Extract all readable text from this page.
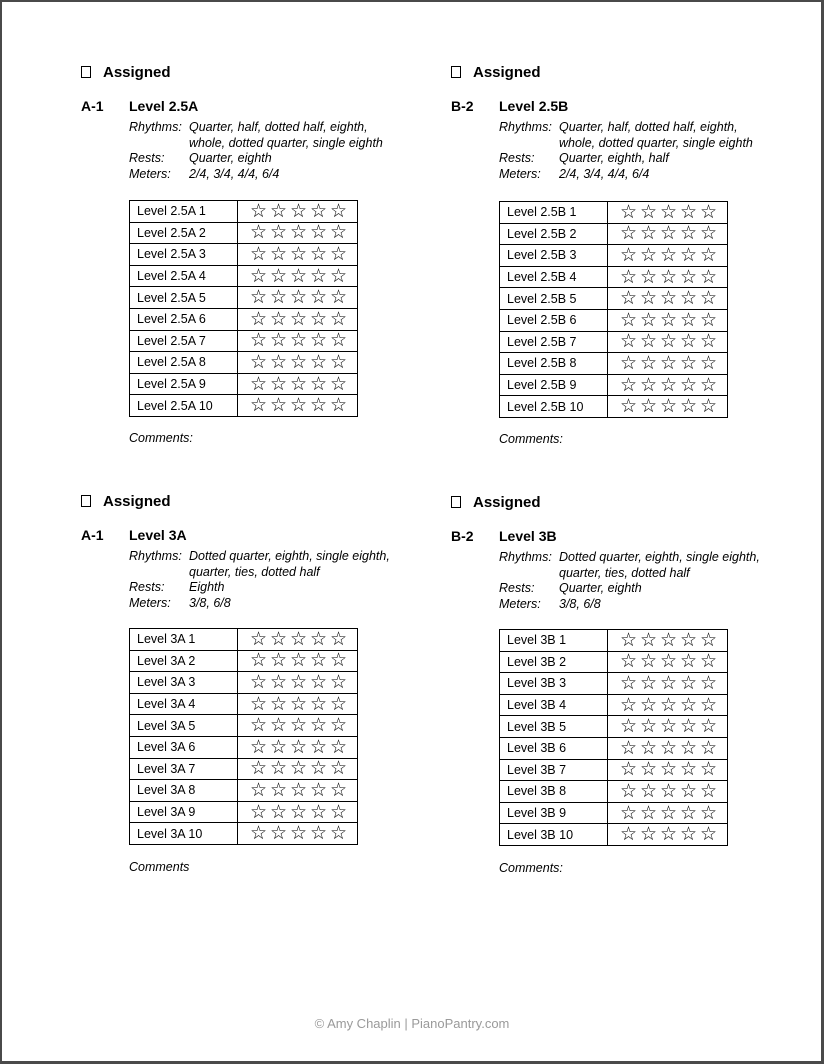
Assigned
A-1	Level 2.5A
Rhythms: Quarter, half, dotted half, eighth, whole, dotted quarter, single eighth
Rests:	Quarter, eighth
Meters:	2/4, 3/4, 4/4, 6/4
Level 2.5A 1	☆ ☆ ☆ ☆ ☆
Level 2.5A 2	☆ ☆ ☆ ☆ ☆
Level 2.5A 3	☆ ☆ ☆ ☆ ☆
Level 2.5A 4	☆ ☆ ☆ ☆ ☆
Level 2.5A 5	☆ ☆ ☆ ☆ ☆
Level 2.5A 6	☆ ☆ ☆ ☆ ☆
Level 2.5A 7	☆ ☆ ☆ ☆ ☆
Level 2.5A 8	☆ ☆ ☆ ☆ ☆
Level 2.5A 9	☆ ☆ ☆ ☆ ☆
Level 2.5A 10	☆ ☆ ☆ ☆ ☆
Comments:
Assigned
B-2	Level 2.5B
Rhythms: Quarter, half, dotted half, eighth, whole, dotted quarter, single eighth
Rests:	Quarter, eighth, half
Meters:	2/4, 3/4, 4/4, 6/4
Level 2.5B 1	☆ ☆ ☆ ☆ ☆
Level 2.5B 2	☆ ☆ ☆ ☆ ☆
Level 2.5B 3	☆ ☆ ☆ ☆ ☆
Level 2.5B 4	☆ ☆ ☆ ☆ ☆
Level 2.5B 5	☆ ☆ ☆ ☆ ☆
Level 2.5B 6	☆ ☆ ☆ ☆ ☆
Level 2.5B 7	☆ ☆ ☆ ☆ ☆
Level 2.5B 8	☆ ☆ ☆ ☆ ☆
Level 2.5B 9	☆ ☆ ☆ ☆ ☆
Level 2.5B 10	☆ ☆ ☆ ☆ ☆
Comments:
Assigned
A-1	Level 3A
Rhythms: Dotted quarter, eighth, single eighth, quarter, ties, dotted half
Rests:	Eighth
Meters:	3/8, 6/8
Level 3A 1	☆ ☆ ☆ ☆ ☆
Level 3A 2	☆ ☆ ☆ ☆ ☆
Level 3A 3	☆ ☆ ☆ ☆ ☆
Level 3A 4	☆ ☆ ☆ ☆ ☆
Level 3A 5	☆ ☆ ☆ ☆ ☆
Level 3A 6	☆ ☆ ☆ ☆ ☆
Level 3A 7	☆ ☆ ☆ ☆ ☆
Level 3A 8	☆ ☆ ☆ ☆ ☆
Level 3A 9	☆ ☆ ☆ ☆ ☆
Level 3A 10	☆ ☆ ☆ ☆ ☆
Comments
Assigned
B-2	Level 3B
Rhythms: Dotted quarter, eighth, single eighth, quarter, ties, dotted half
Rests:	Quarter, eighth
Meters:	3/8, 6/8
Level 3B 1	☆ ☆ ☆ ☆ ☆
Level 3B 2	☆ ☆ ☆ ☆ ☆
Level 3B 3	☆ ☆ ☆ ☆ ☆
Level 3B 4	☆ ☆ ☆ ☆ ☆
Level 3B 5	☆ ☆ ☆ ☆ ☆
Level 3B 6	☆ ☆ ☆ ☆ ☆
Level 3B 7	☆ ☆ ☆ ☆ ☆
Level 3B 8	☆ ☆ ☆ ☆ ☆
Level 3B 9	☆ ☆ ☆ ☆ ☆
Level 3B 10	☆ ☆ ☆ ☆ ☆
Comments:
© Amy Chaplin | PianoPantry.com
